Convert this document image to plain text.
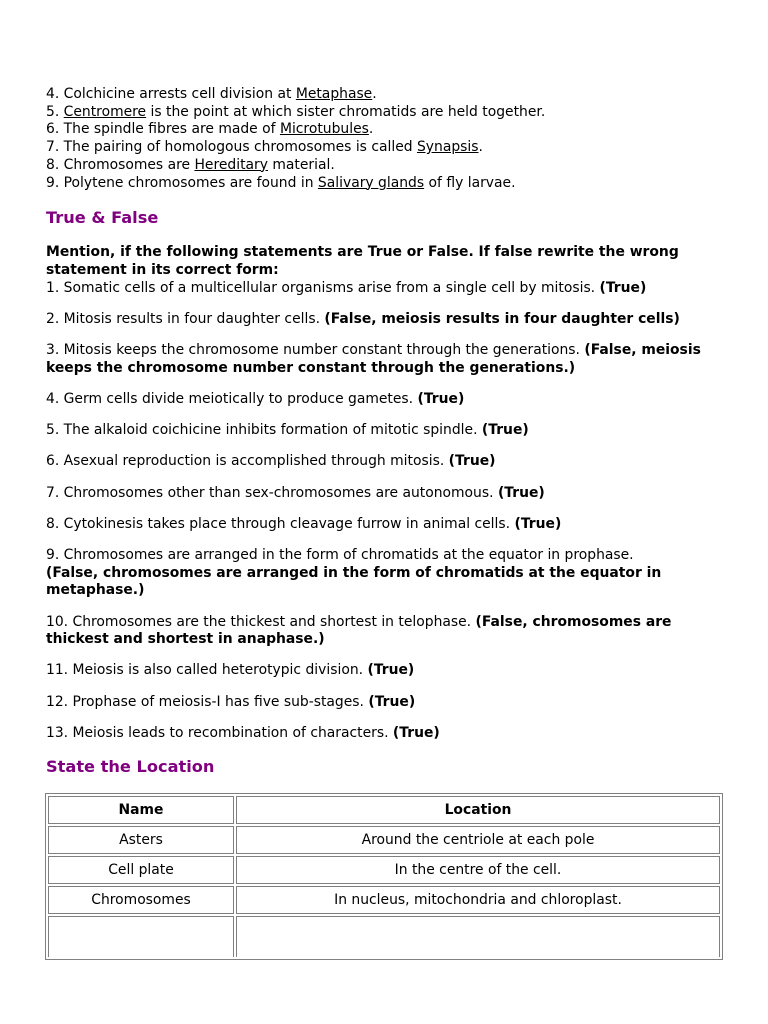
4. Colchicine arrests cell division at Metaphase.
5. Centromere is the point at which sister chromatids are held together.
6. The spindle fibres are made of Microtubules.
7. The pairing of homologous chromosomes is called Synapsis.
8. Chromosomes are Hereditary material.
9. Polytene chromosomes are found in Salivary glands of fly larvae.
True & False
Mention, if the following statements are True or False. If false rewrite the wrong statement in its correct form:
1. Somatic cells of a multicellular organisms arise from a single cell by mitosis. (True)
2. Mitosis results in four daughter cells. (False, meiosis results in four daughter cells)
3. Mitosis keeps the chromosome number constant through the generations. (False, meiosis keeps the chromosome number constant through the generations.)
4. Germ cells divide meiotically to produce gametes. (True)
5. The alkaloid coichicine inhibits formation of mitotic spindle. (True)
6. Asexual reproduction is accomplished through mitosis. (True)
7. Chromosomes other than sex-chromosomes are autonomous. (True)
8. Cytokinesis takes place through cleavage furrow in animal cells. (True)
9. Chromosomes are arranged in the form of chromatids at the equator in prophase.
(False, chromosomes are arranged in the form of chromatids at the equator in metaphase.)
10. Chromosomes are the thickest and shortest in telophase. (False, chromosomes are thickest and shortest in anaphase.)
11. Meiosis is also called heterotypic division. (True)
12. Prophase of meiosis-I has five sub-stages. (True)
13. Meiosis leads to recombination of characters. (True)
State the Location
Name	Location
Asters	Around the centriole at each pole
Cell plate	In the centre of the cell.
Chromosomes	In nucleus, mitochondria and chloroplast.
